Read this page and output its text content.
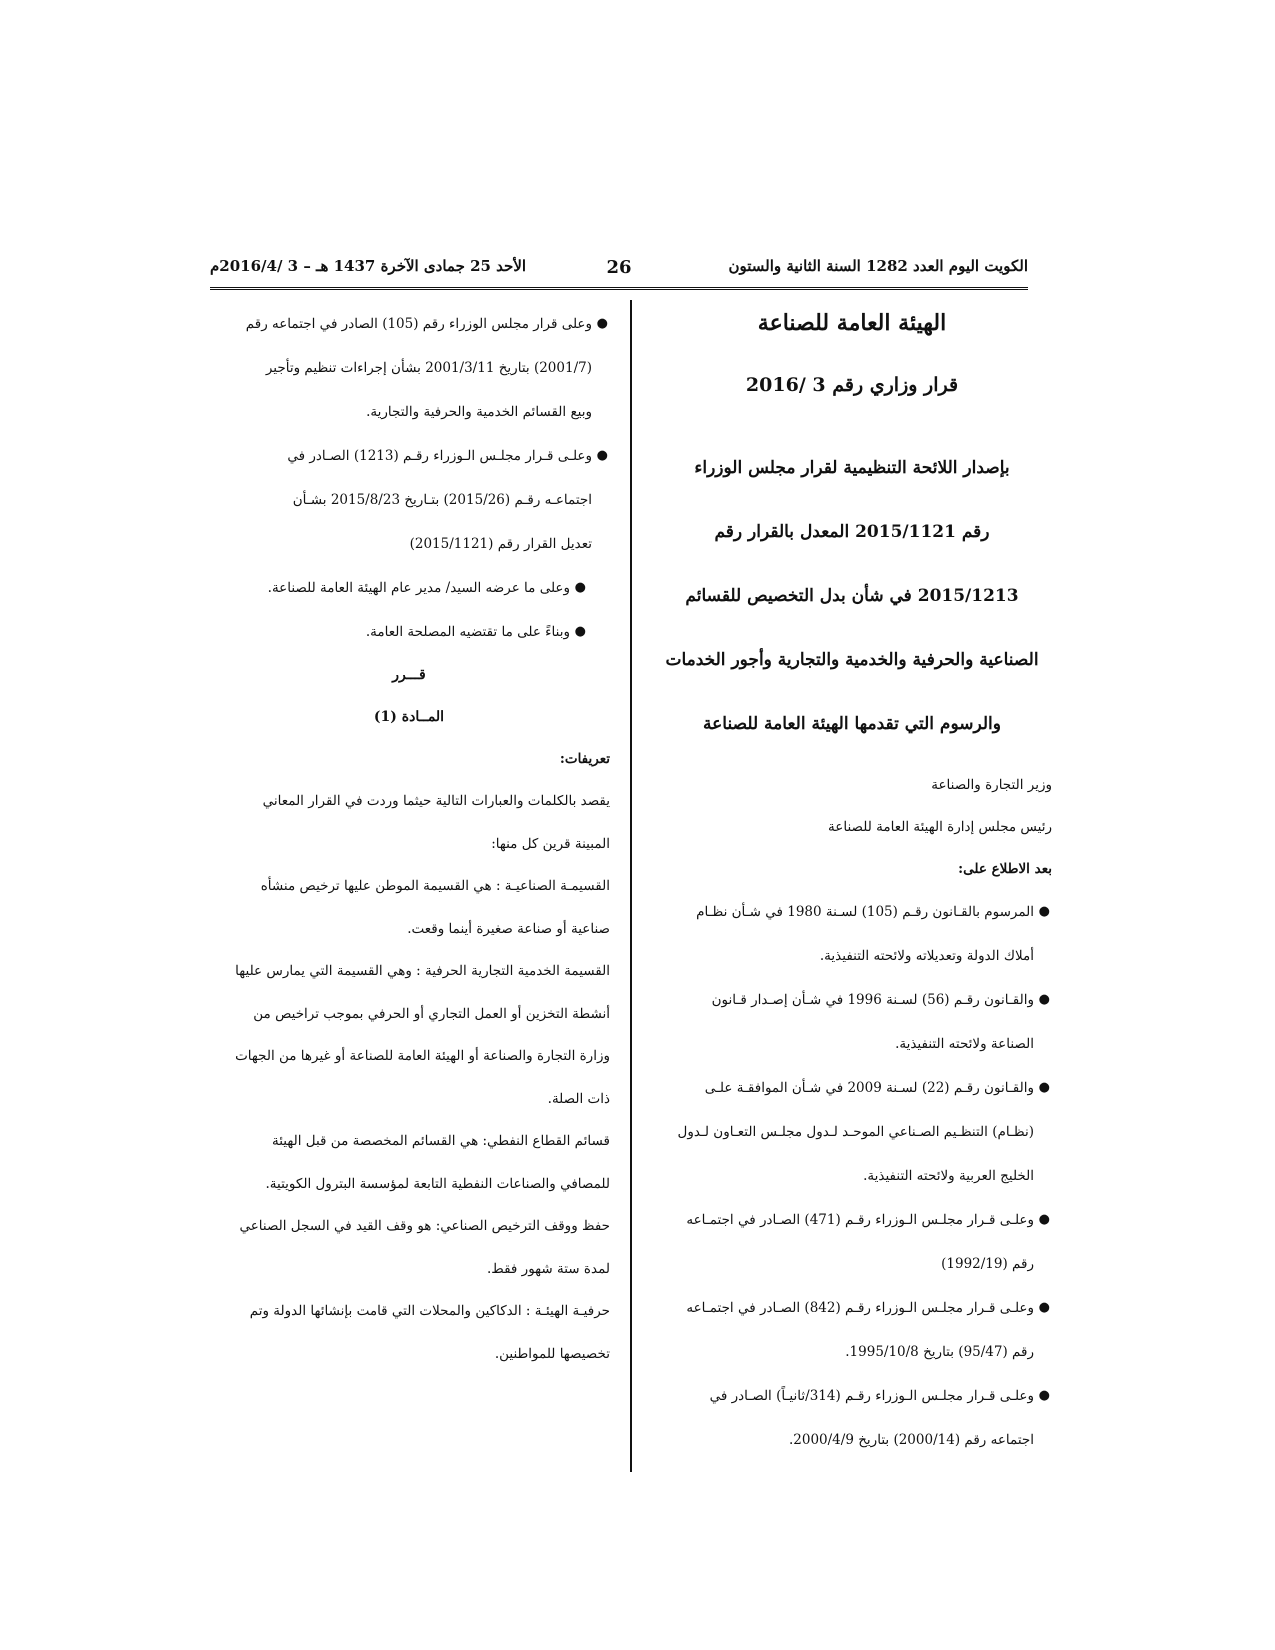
الكويت اليوم العدد 1282 السنة الثانية والستون
26
الأحد 25 جمادى الآخرة 1437 هـ – 3 /2016/4م
الهيئة العامة للصناعة
قرار وزاري رقم 3 /2016
بإصدار اللائحة التنظيمية لقرار مجلس الوزراء
رقم 2015/1121 المعدل بالقرار رقم
2015/1213 في شأن بدل التخصيص للقسائم
الصناعية والحرفية والخدمية والتجارية وأجور الخدمات
والرسوم التي تقدمها الهيئة العامة للصناعة
وزير التجارة والصناعة
رئيس مجلس إدارة الهيئة العامة للصناعة
بعد الاطلاع على:
●
المرسوم بالقـانون رقـم (105) لسـنة 1980 في شـأن نظـام
أملاك الدولة وتعديلاته ولائحته التنفيذية.
●
والقـانون رقـم (56) لسـنة 1996 في شـأن إصـدار قـانون
الصناعة ولائحته التنفيذية.
●
والقـانون رقـم (22) لسـنة 2009 في شـأن الموافقـة علـى
(نظـام) التنظـيم الصـناعي الموحـد لـدول مجلـس التعـاون لـدول
الخليج العربية ولائحته التنفيذية.
●
وعلـى قـرار مجلـس الـوزراء رقـم (471) الصـادر في اجتمـاعه
رقم (1992/19)
●
وعلـى قـرار مجلـس الـوزراء رقـم (842) الصـادر في اجتمـاعه
رقم (95/47) بتاريخ 1995/10/8.
●
وعلـى قـرار مجلـس الـوزراء رقـم (314/ثانيـاً) الصـادر في
اجتماعه رقم (2000/14) بتاريخ 2000/4/9.
●
وعلى قرار مجلس الوزراء رقم (105) الصادر في اجتماعه رقم
(2001/7) بتاريخ 2001/3/11 بشأن إجراءات تنظيم وتأجير
وبيع القسائم الخدمية والحرفية والتجارية.
●
وعلـى قـرار مجلـس الـوزراء رقـم (1213) الصـادر في
اجتماعـه رقـم (2015/26) بتـاريخ 2015/8/23 بشـأن
تعديل القرار رقم (2015/1121)
●
وعلى ما عرضه السيد/ مدير عام الهيئة العامة للصناعة.
●
وبناءً على ما تقتضيه المصلحة العامة.
قـــرر
المــادة (1)
تعريفات:
يقصد بالكلمات والعبارات التالية حيثما وردت في القرار المعاني
المبينة قرين كل منها:
القسيمـة الصناعيـة : هي القسيمة الموطن عليها ترخيص منشأه
صناعية أو صناعة صغيرة أينما وقعت.
القسيمة الخدمية التجارية الحرفية : وهي القسيمة التي يمارس عليها
أنشطة التخزين أو العمل التجاري أو الحرفي بموجب تراخيص من
وزارة التجارة والصناعة أو الهيئة العامة للصناعة أو غيرها من الجهات
ذات الصلة.
قسائم القطاع النفطي: هي القسائم المخصصة من قبل الهيئة
للمصافي والصناعات النفطية التابعة لمؤسسة البترول الكويتية.
حفظ ووقف الترخيص الصناعي: هو وقف القيد في السجل الصناعي
لمدة ستة شهور فقط.
حرفيـة الهيئـة : الدكاكين والمحلات التي قامت بإنشائها الدولة وتم
تخصيصها للمواطنين.
